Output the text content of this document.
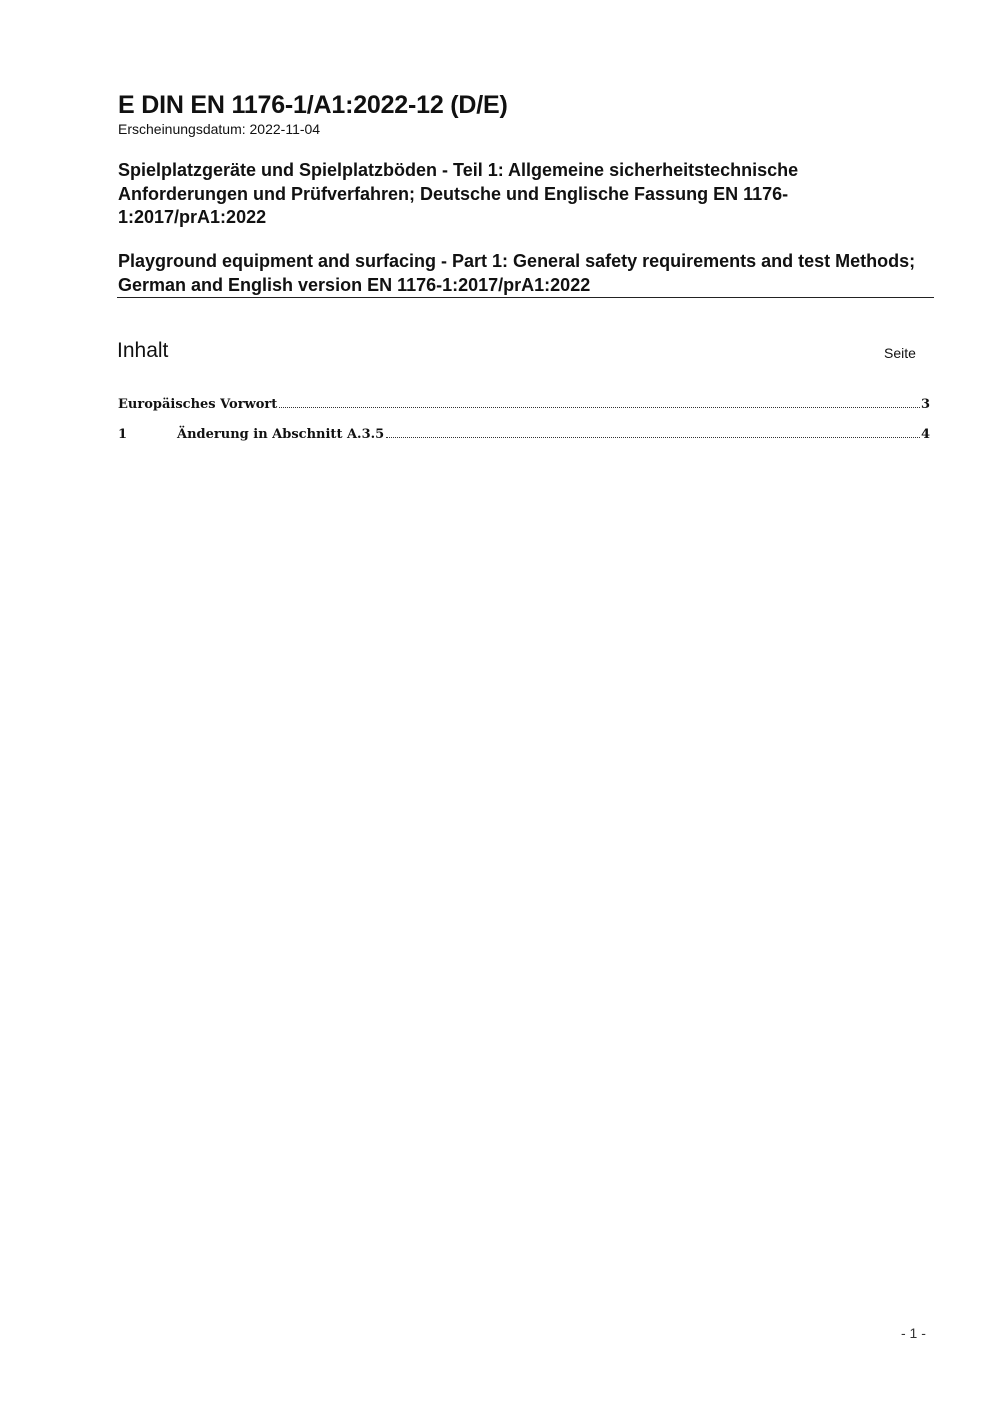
E DIN EN 1176-1/A1:2022-12 (D/E)
Erscheinungsdatum: 2022-11-04

Spielplatzgeräte und Spielplatzböden - Teil 1: Allgemeine sicherheitstechnische Anforderungen und Prüfverfahren; Deutsche und Englische Fassung EN 1176-1:2017/prA1:2022

Playground equipment and surfacing - Part 1: General safety requirements and test Methods; German and English version EN 1176-1:2017/prA1:2022

Inhalt	Seite
Europäisches Vorwort	3
1	Änderung in Abschnitt A.3.5	4
- 1 -
